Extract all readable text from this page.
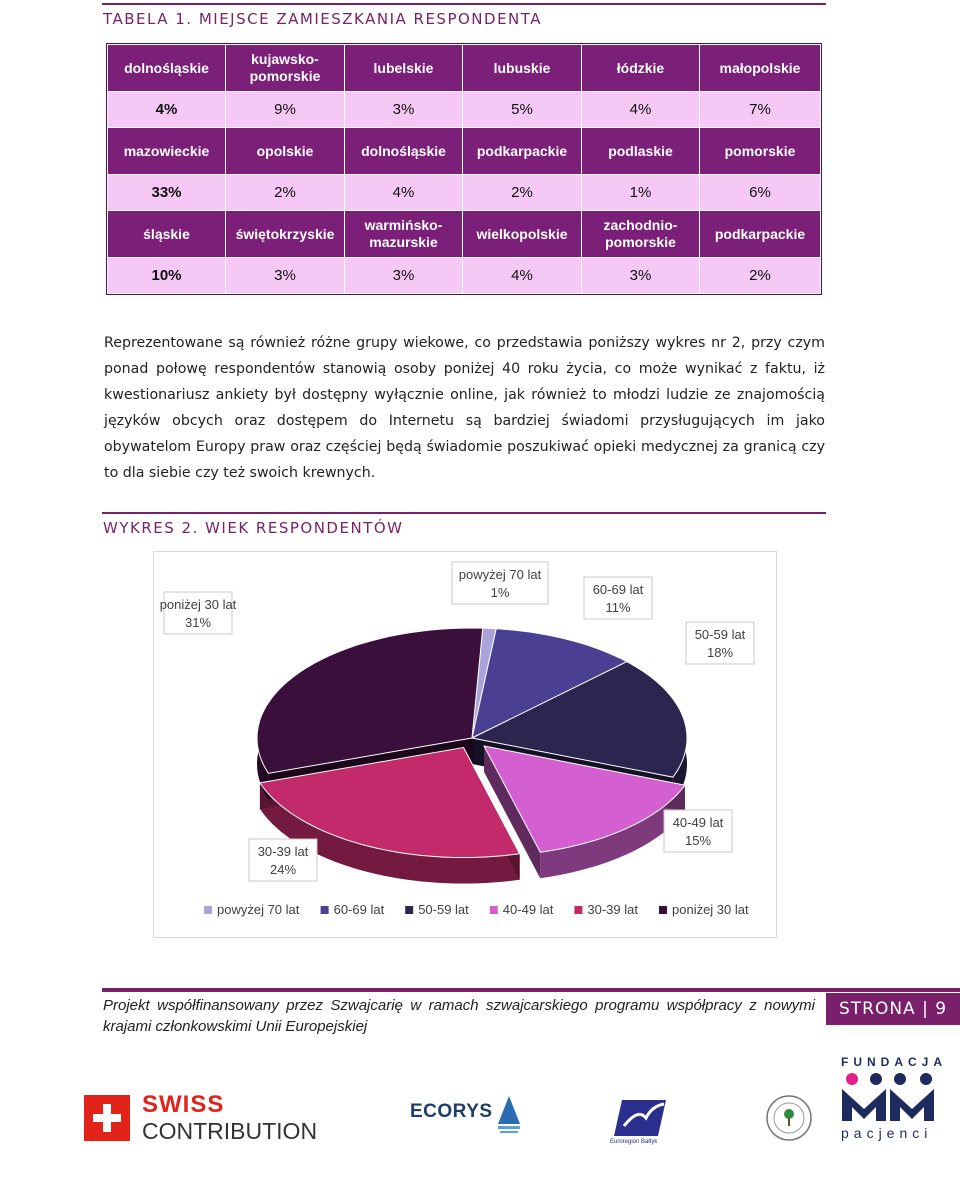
TABELA 1. MIEJSCE ZAMIESZKANIA RESPONDENTA
dolnośląskie	kujawsko-pomorskie	lubelskie	lubuskie	łódzkie	małopolskie
4%	9%	3%	5%	4%	7%
mazowieckie	opolskie	dolnośląskie	podkarpackie	podlaskie	pomorskie
33%	2%	4%	2%	1%	6%
śląskie	świętokrzyskie	warmińsko-mazurskie	wielkopolskie	zachodnio-pomorskie	podkarpackie
10%	3%	3%	4%	3%	2%
Reprezentowane są również różne grupy wiekowe, co przedstawia poniższy wykres nr 2, przy czym ponad połowę respondentów stanowią osoby poniżej 40 roku życia, co może wynikać z faktu, iż kwestionariusz ankiety był dostępny wyłącznie online, jak również to młodzi ludzie ze znajomością języków obcych oraz dostępem do Internetu są bardziej świadomi przysługujących im jako obywatelom Europy praw oraz częściej będą świadomie poszukiwać opieki medycznej za granicą czy to dla siebie czy też swoich krewnych.
WYKRES 2. WIEK RESPONDENTÓW
powyżej 70 lat
1%	60-69 lat
11%
50-59 lat
18%
40-49 lat
15%
30-39 lat
24%
poniżej 30 lat
31%
powyżej 70 lat	60-69 lat	50-59 lat	40-49 lat	30-39 lat	poniżej 30 lat
Projekt współfinansowany przez Szwajcarię w ramach szwajcarskiego programu współpracy z nowymi krajami członkowskimi Unii Europejskiej
STRONA | 9
SWISS
CONTRIBUTION
ECORYS
Euroregion Bałtyk
FUNDACJA
pacjenci
